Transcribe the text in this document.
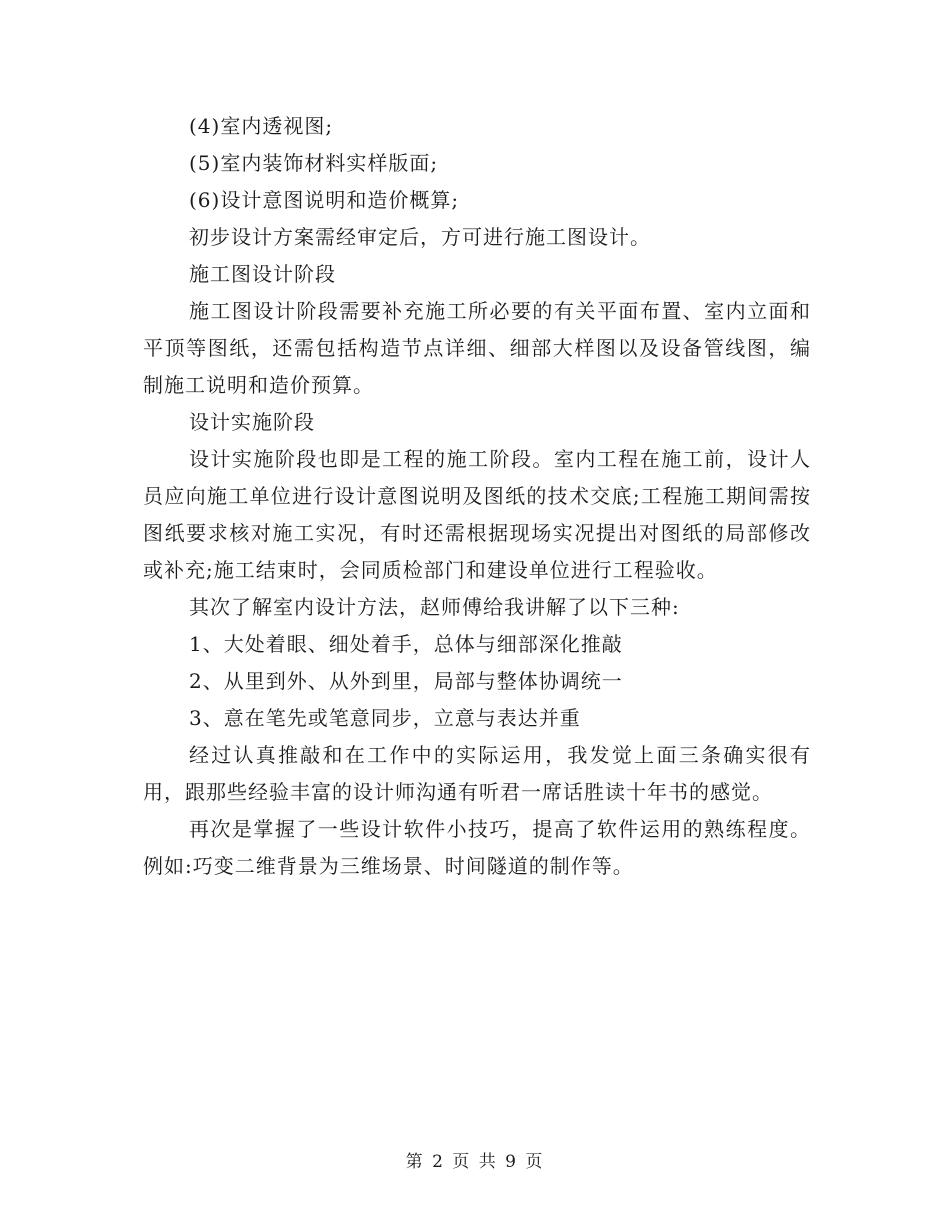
(4)室内透视图;

(5)室内装饰材料实样版面;

(6)设计意图说明和造价概算;

初步设计方案需经审定后，方可进行施工图设计。

施工图设计阶段

施工图设计阶段需要补充施工所必要的有关平面布置、室内立面和平顶等图纸，还需包括构造节点详细、细部大样图以及设备管线图，编制施工说明和造价预算。

设计实施阶段

设计实施阶段也即是工程的施工阶段。室内工程在施工前，设计人员应向施工单位进行设计意图说明及图纸的技术交底;工程施工期间需按图纸要求核对施工实况，有时还需根据现场实况提出对图纸的局部修改或补充;施工结束时，会同质检部门和建设单位进行工程验收。

其次了解室内设计方法，赵师傅给我讲解了以下三种:

1、大处着眼、细处着手，总体与细部深化推敲

2、从里到外、从外到里，局部与整体协调统一

3、意在笔先或笔意同步，立意与表达并重

经过认真推敲和在工作中的实际运用，我发觉上面三条确实很有用，跟那些经验丰富的设计师沟通有听君一席话胜读十年书的感觉。

再次是掌握了一些设计软件小技巧，提高了软件运用的熟练程度。例如:巧变二维背景为三维场景、时间隧道的制作等。

第 2 页 共 9 页
